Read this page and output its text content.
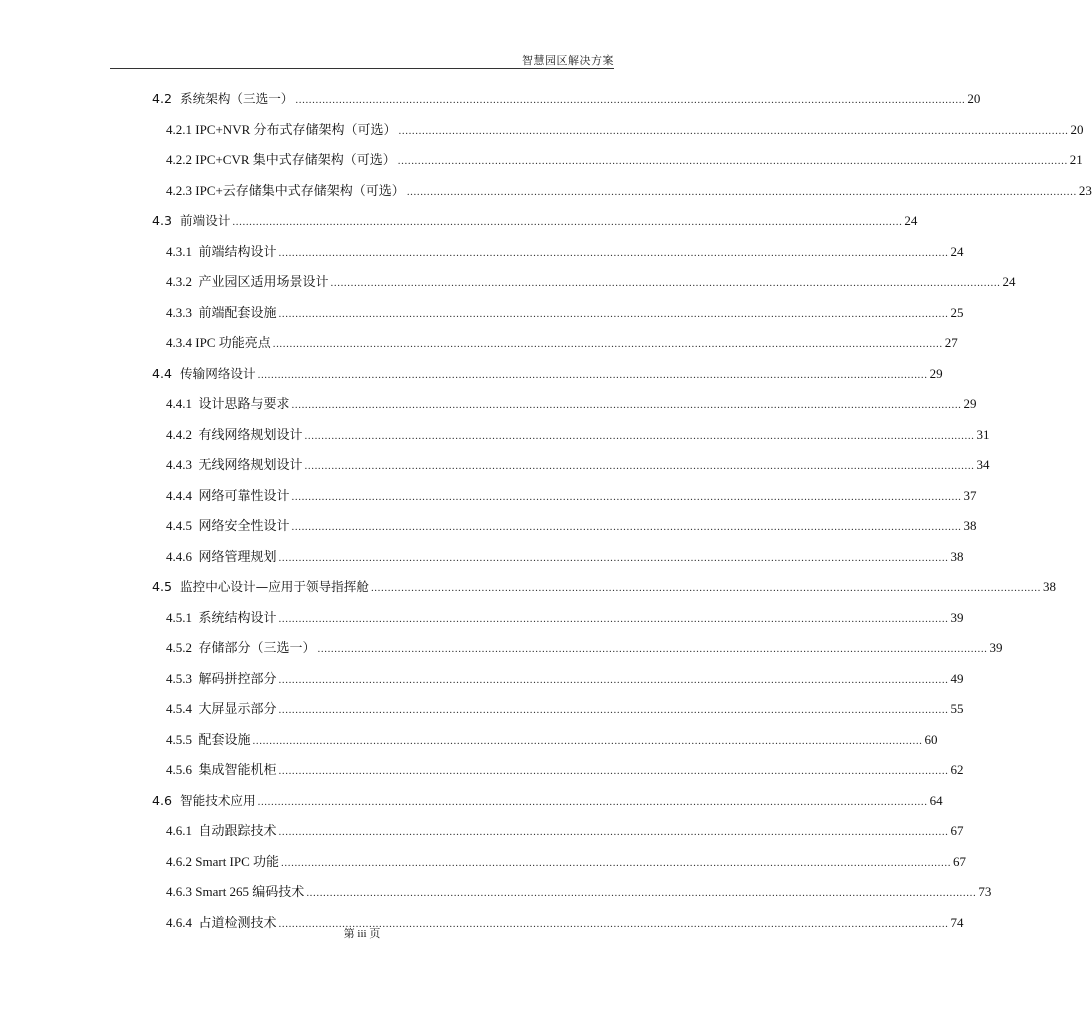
智慧园区解决方案
4.2  系统架构（三选一） ........................................................................................................................................................................................................ 20
4.2.1 IPC+NVR 分布式存储架构（可选） ........................................................................................................................................................................................................ 20
4.2.2 IPC+CVR 集中式存储架构（可选） ........................................................................................................................................................................................................ 21
4.2.3 IPC+云存储集中式存储架构（可选） ........................................................................................................................................................................................................ 23
4.3  前端设计 ........................................................................................................................................................................................................ 24
4.3.1  前端结构设计 ........................................................................................................................................................................................................ 24
4.3.2  产业园区适用场景设计 ........................................................................................................................................................................................................ 24
4.3.3  前端配套设施 ........................................................................................................................................................................................................ 25
4.3.4 IPC 功能亮点 ........................................................................................................................................................................................................ 27
4.4  传输网络设计 ........................................................................................................................................................................................................ 29
4.4.1  设计思路与要求 ........................................................................................................................................................................................................ 29
4.4.2  有线网络规划设计 ........................................................................................................................................................................................................ 31
4.4.3  无线网络规划设计 ........................................................................................................................................................................................................ 34
4.4.4  网络可靠性设计 ........................................................................................................................................................................................................ 37
4.4.5  网络安全性设计 ........................................................................................................................................................................................................ 38
4.4.6  网络管理规划 ........................................................................................................................................................................................................ 38
4.5  监控中心设计—应用于领导指挥舱 ........................................................................................................................................................................................................ 38
4.5.1  系统结构设计 ........................................................................................................................................................................................................ 39
4.5.2  存储部分（三选一） ........................................................................................................................................................................................................ 39
4.5.3  解码拼控部分 ........................................................................................................................................................................................................ 49
4.5.4  大屏显示部分 ........................................................................................................................................................................................................ 55
4.5.5  配套设施 ........................................................................................................................................................................................................ 60
4.5.6  集成智能机柜 ........................................................................................................................................................................................................ 62
4.6  智能技术应用 ........................................................................................................................................................................................................ 64
4.6.1  自动跟踪技术 ........................................................................................................................................................................................................ 67
4.6.2 Smart IPC 功能 ........................................................................................................................................................................................................ 67
4.6.3 Smart 265 编码技术 ........................................................................................................................................................................................................ 73
4.6.4  占道检测技术 ........................................................................................................................................................................................................ 74
第 iii 页
